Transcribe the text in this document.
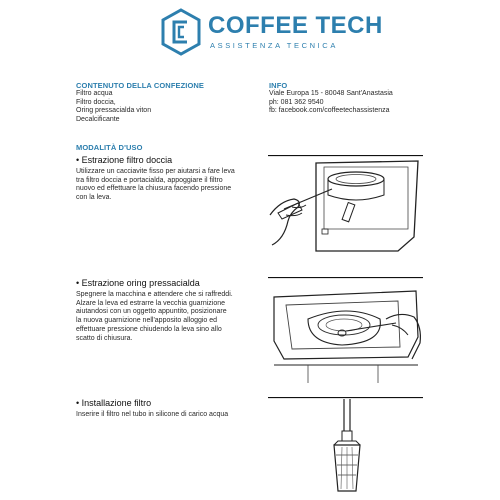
COFFEE TECH
ASSISTENZA TECNICA
CONTENUTO DELLA CONFEZIONE
Filtro acqua
Filtro doccia,
Oring pressacialda viton
Decalcificante
INFO
Viale Europa 15 - 80048 Sant'Anastasia
ph: 081 362 9540
fb: facebook.com/coffeetechassistenza
MODALITÀ D'USO
• Estrazione filtro doccia
Utilizzare un cacciavite fisso per aiutarsi a fare leva
tra filtro doccia e portacialda, appoggiare il filtro
nuovo ed effettuare la chiusura facendo pressione
con la leva.
• Estrazione oring pressacialda
Spegnere la macchina e attendere che si raffreddi.
Alzare la leva ed estrarre la vecchia guarnizione
aiutandosi con un oggetto appuntito, posizionare
la nuova guarnizione nell'apposito alloggio ed
effettuare pressione chiudendo la leva sino allo
scatto di chiusura.
• Installazione filtro
Inserire il filtro nel tubo in silicone di carico acqua
